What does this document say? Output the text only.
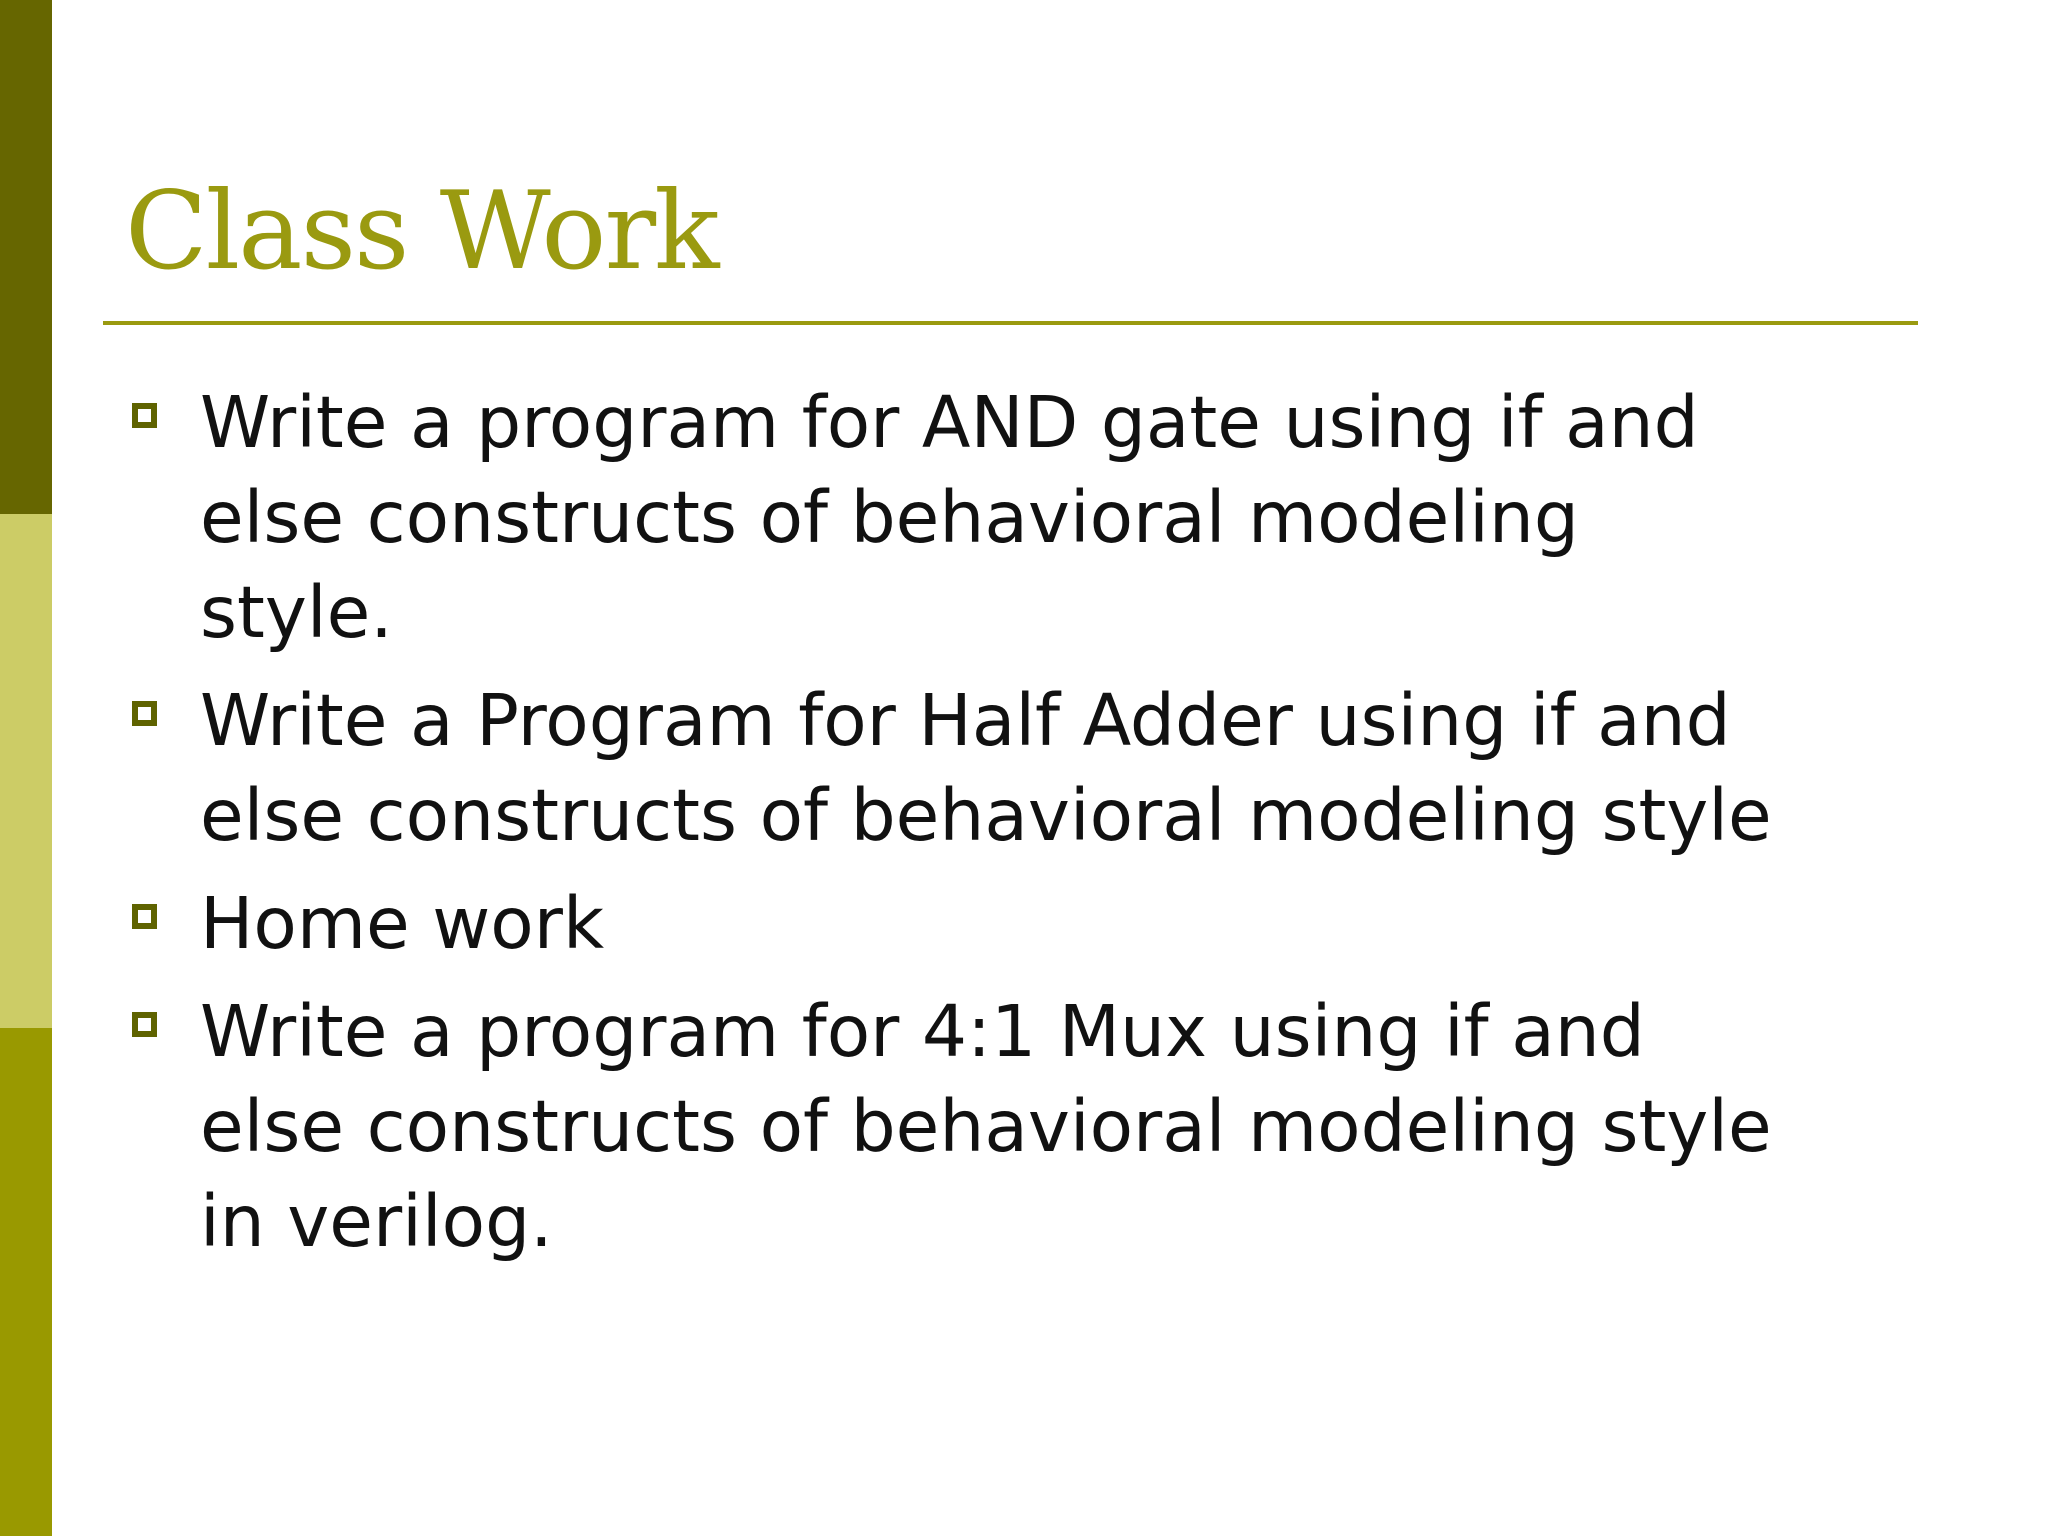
Class Work
Write a program for AND gate using if and
else constructs of behavioral modeling
style.
Write a Program for Half Adder using if and
else constructs of behavioral modeling style
Home work
Write a program for 4:1 Mux using if and
else constructs of behavioral modeling style
in verilog.
